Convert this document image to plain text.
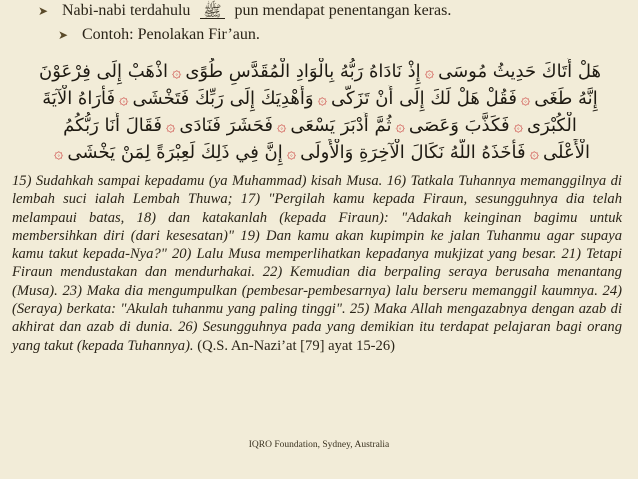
➤ Nabi-nabi terdahulu ﷺ pun mendapat penentangan keras.
➤ Contoh: Penolakan Fir’aun.
هَلْ أَتَاكَ حَدِيثُ مُوسَى۞إِذْ نَادَاهُ رَبُّهُ بِالْوَادِ الْمُقَدَّسِ طُوًى۞اذْهَبْ إِلَى فِرْعَوْنَ
إِنَّهُ طَغَى۞فَقُلْ هَلْ لَكَ إِلَى أَنْ تَزَكَّى۞وَأَهْدِيَكَ إِلَى رَبِّكَ فَتَخْشَى۞فَأَرَاهُ الْآيَةَ
الْكُبْرَى۞فَكَذَّبَ وَعَصَى۞ثُمَّ أَدْبَرَ يَسْعَى۞فَحَشَرَ فَنَادَى۞فَقَالَ أَنَا رَبُّكُمُ
الْأَعْلَى۞فَأَخَذَهُ اللَّهُ نَكَالَ الْآخِرَةِ وَالْأُولَى۞إِنَّ فِي ذَلِكَ لَعِبْرَةً لِمَنْ يَخْشَى۞
15) Sudahkah sampai kepadamu (ya Muhammad) kisah Musa. 16) Tatkala Tuhannya memanggilnya di lembah suci ialah Lembah Thuwa; 17) "Pergilah kamu kepada Firaun, sesungguhnya dia telah melampaui batas, 18) dan katakanlah (kepada Firaun): "Adakah keinginan bagimu untuk membersihkan diri (dari kesesatan)" 19) Dan kamu akan kupimpin ke jalan Tuhanmu agar supaya kamu takut kepada-Nya?" 20) Lalu Musa memperlihatkan kepadanya mukjizat yang besar. 21) Tetapi Firaun mendustakan dan mendurhakai. 22) Kemudian dia berpaling seraya berusaha menantang (Musa). 23) Maka dia mengumpulkan (pembesar-pembesarnya) lalu berseru memanggil kaumnya. 24) (Seraya) berkata: "Akulah tuhanmu yang paling tinggi". 25) Maka Allah mengazabnya dengan azab di akhirat dan azab di dunia. 26) Sesungguhnya pada yang demikian itu terdapat pelajaran bagi orang yang takut (kepada Tuhannya). (Q.S. An-Nazi’at [79] ayat 15-26)
IQRO Foundation, Sydney, Australia
